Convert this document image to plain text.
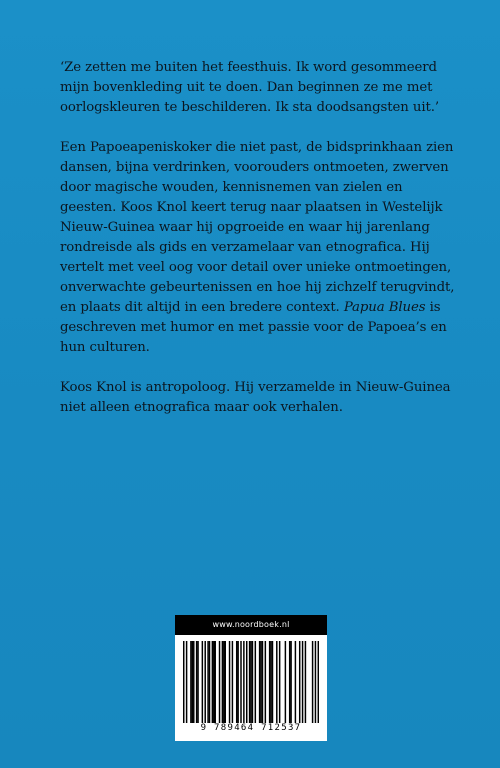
‘Ze zetten me buiten het feesthuis. Ik word gesommeerd mijn bovenkleding uit te doen. Dan beginnen ze me met oorlogskleuren te beschilderen. Ik sta doodsangsten uit.’

Een Papoeapeniskoker die niet past, de bidsprinkhaan zien dansen, bijna verdrinken, voorouders ontmoeten, zwerven door magische wouden, kennisnemen van zielen en geesten. Koos Knol keert terug naar plaatsen in Westelijk Nieuw-Guinea waar hij opgroeide en waar hij jarenlang rondreisde als gids en verzamelaar van etnografica. Hij vertelt met veel oog voor detail over unieke ontmoetingen, onverwachte gebeurtenissen en hoe hij zichzelf terugvindt, en plaats dit altijd in een bredere context. Papua Blues is geschreven met humor en met passie voor de Papoea’s en hun culturen.

Koos Knol is antropoloog. Hij verzamelde in Nieuw-Guinea niet alleen etnografica maar ook verhalen.

www.noordboek.nl
9 789464 712537
